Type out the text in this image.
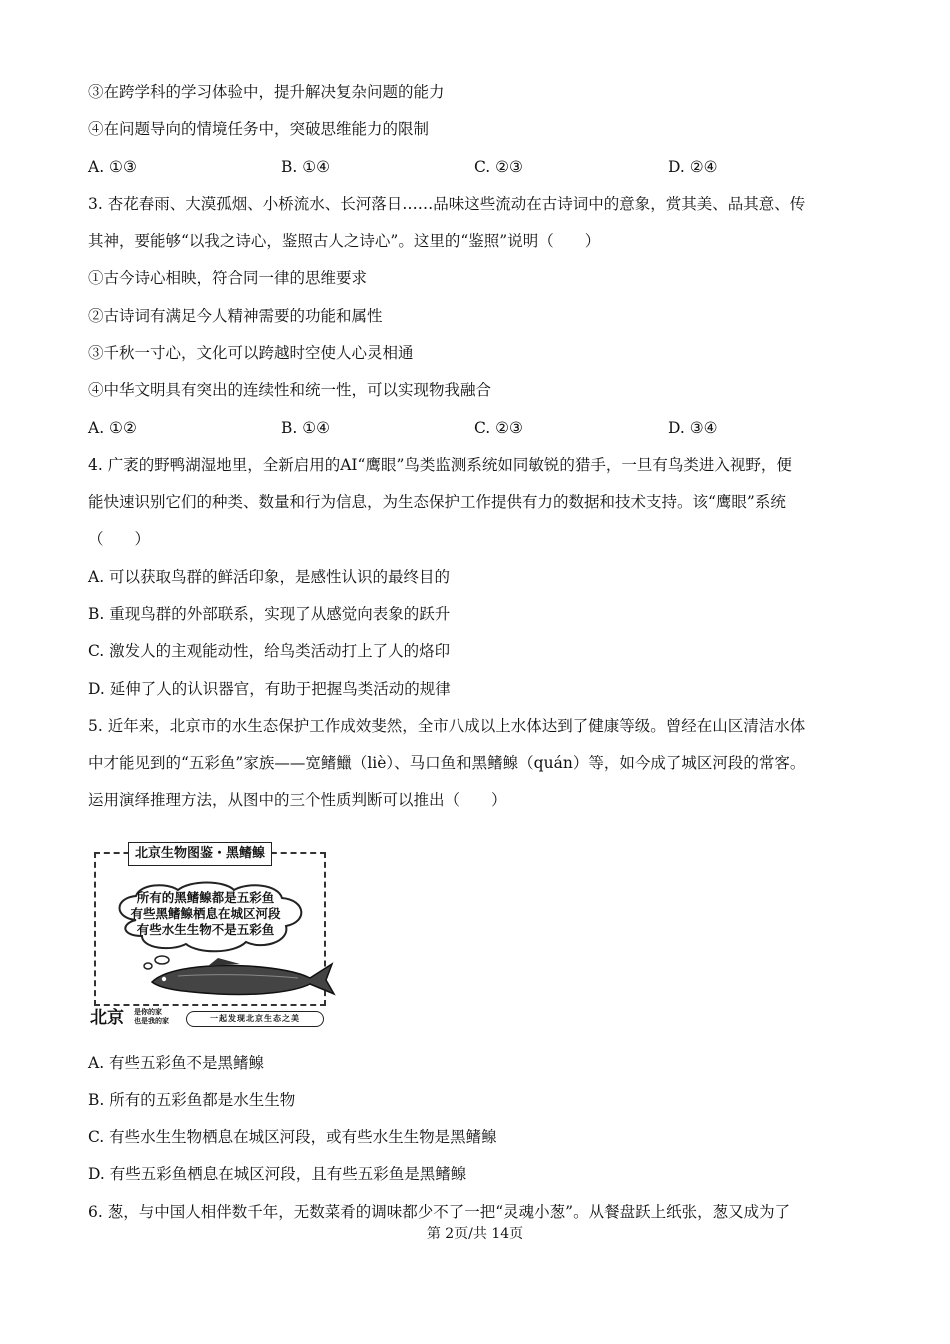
③在跨学科的学习体验中，提升解决复杂问题的能力
④在问题导向的情境任务中，突破思维能力的限制
A. ①③	B. ①④	C. ②③	D. ②④
3. 杏花春雨、大漠孤烟、小桥流水、长河落日……品味这些流动在古诗词中的意象，赏其美、品其意、传
其神，要能够“以我之诗心，鉴照古人之诗心”。这里的“鉴照”说明（　　）
①古今诗心相映，符合同一律的思维要求
②古诗词有满足今人精神需要的功能和属性
③千秋一寸心，文化可以跨越时空使人心灵相通
④中华文明具有突出的连续性和统一性，可以实现物我融合
A. ①②	B. ①④	C. ②③	D. ③④
4. 广袤的野鸭湖湿地里，全新启用的AI“鹰眼”鸟类监测系统如同敏锐的猎手，一旦有鸟类进入视野，便
能快速识别它们的种类、数量和行为信息，为生态保护工作提供有力的数据和技术支持。该“鹰眼”系统
（　　）
A. 可以获取鸟群的鲜活印象，是感性认识的最终目的
B. 重现鸟群的外部联系，实现了从感觉向表象的跃升
C. 激发人的主观能动性，给鸟类活动打上了人的烙印
D. 延伸了人的认识器官，有助于把握鸟类活动的规律
5. 近年来，北京市的水生态保护工作成效斐然，全市八成以上水体达到了健康等级。曾经在山区清洁水体
中才能见到的“五彩鱼”家族——宽鳍鱲（liè）、马口鱼和黑鳍鳈（quán）等，如今成了城区河段的常客。
运用演绎推理方法，从图中的三个性质判断可以推出（　　）
北京生物图鉴・黑鳍鳈
所有的黑鳍鳈都是五彩鱼
有些黑鳍鳈栖息在城区河段
有些水生生物不是五彩鱼
北京 是你的家
也是我的家	一起发现北京生态之美
A. 有些五彩鱼不是黑鳍鳈
B. 所有的五彩鱼都是水生生物
C. 有些水生生物栖息在城区河段，或有些水生生物是黑鳍鳈
D. 有些五彩鱼栖息在城区河段，且有些五彩鱼是黑鳍鳈
6. 葱，与中国人相伴数千年，无数菜肴的调味都少不了一把“灵魂小葱”。从餐盘跃上纸张，葱又成为了
第 2页/共 14页
